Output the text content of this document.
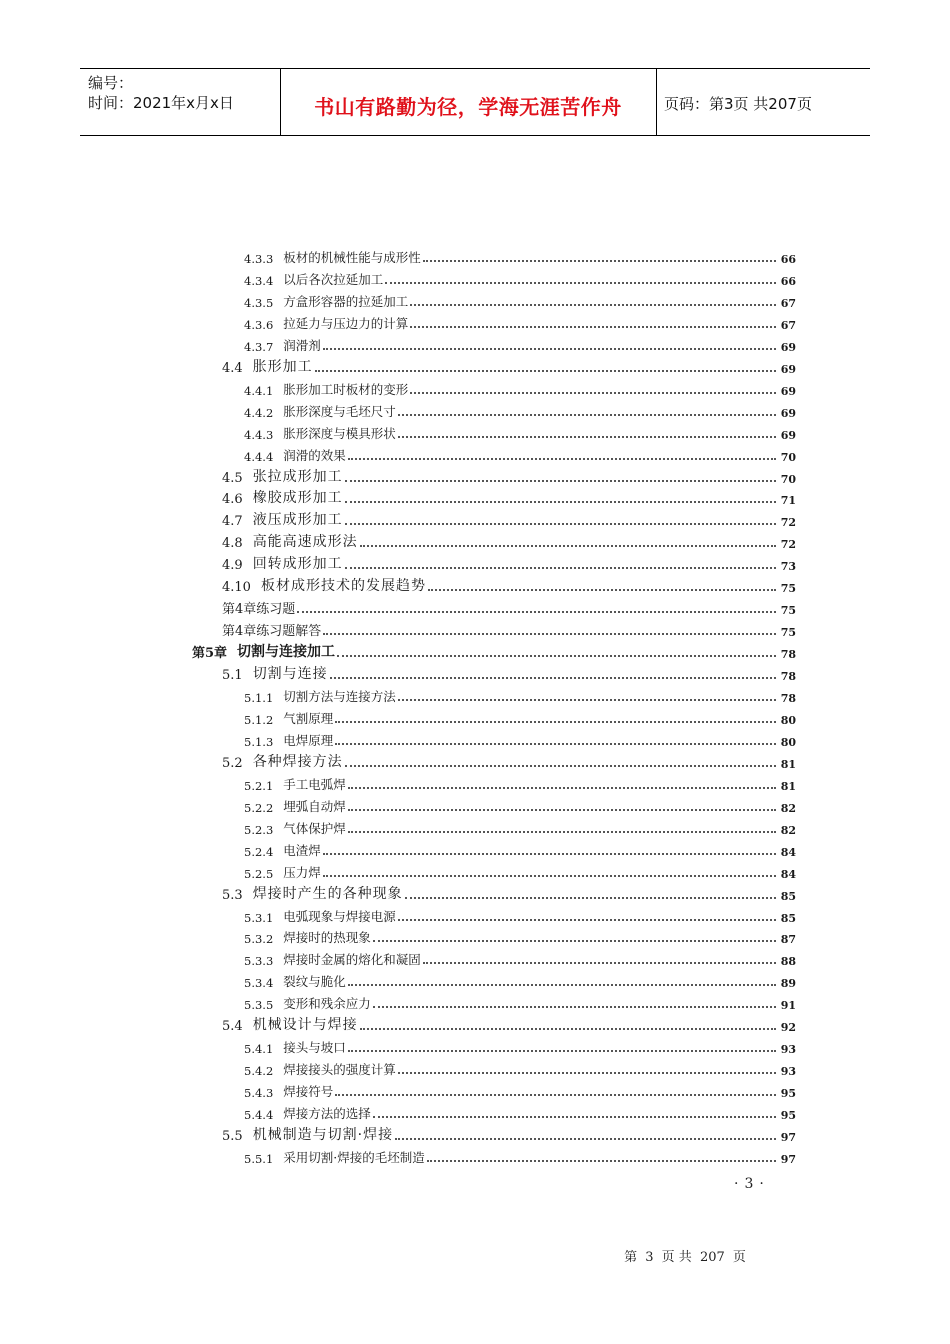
编号：
时间：2021年x月x日	书山有路勤为径，学海无涯苦作舟	页码：第3页 共207页
4.3.3 板材的机械性能与成形性	66
4.3.4 以后各次拉延加工	66
4.3.5 方盒形容器的拉延加工	67
4.3.6 拉延力与压边力的计算	67
4.3.7 润滑剂	69
4.4 胀形加工	69
4.4.1 胀形加工时板材的变形	69
4.4.2 胀形深度与毛坯尺寸	69
4.4.3 胀形深度与模具形状	69
4.4.4 润滑的效果	70
4.5 张拉成形加工	70
4.6 橡胶成形加工	71
4.7 液压成形加工	72
4.8 高能高速成形法	72
4.9 回转成形加工	73
4.10 板材成形技术的发展趋势	75
第4章练习题	75
第4章练习题解答	75
第5章 切割与连接加工	78
5.1 切割与连接	78
5.1.1 切割方法与连接方法	78
5.1.2 气割原理	80
5.1.3 电焊原理	80
5.2 各种焊接方法	81
5.2.1 手工电弧焊	81
5.2.2 埋弧自动焊	82
5.2.3 气体保护焊	82
5.2.4 电渣焊	84
5.2.5 压力焊	84
5.3 焊接时产生的各种现象	85
5.3.1 电弧现象与焊接电源	85
5.3.2 焊接时的热现象	87
5.3.3 焊接时金属的熔化和凝固	88
5.3.4 裂纹与脆化	89
5.3.5 变形和残余应力	91
5.4 机械设计与焊接	92
5.4.1 接头与坡口	93
5.4.2 焊接接头的强度计算	93
5.4.3 焊接符号	95
5.4.4 焊接方法的选择	95
5.5 机械制造与切割·焊接	97
5.5.1 采用切割·焊接的毛坯制造	97
·3·
第 3 页 共 207 页
